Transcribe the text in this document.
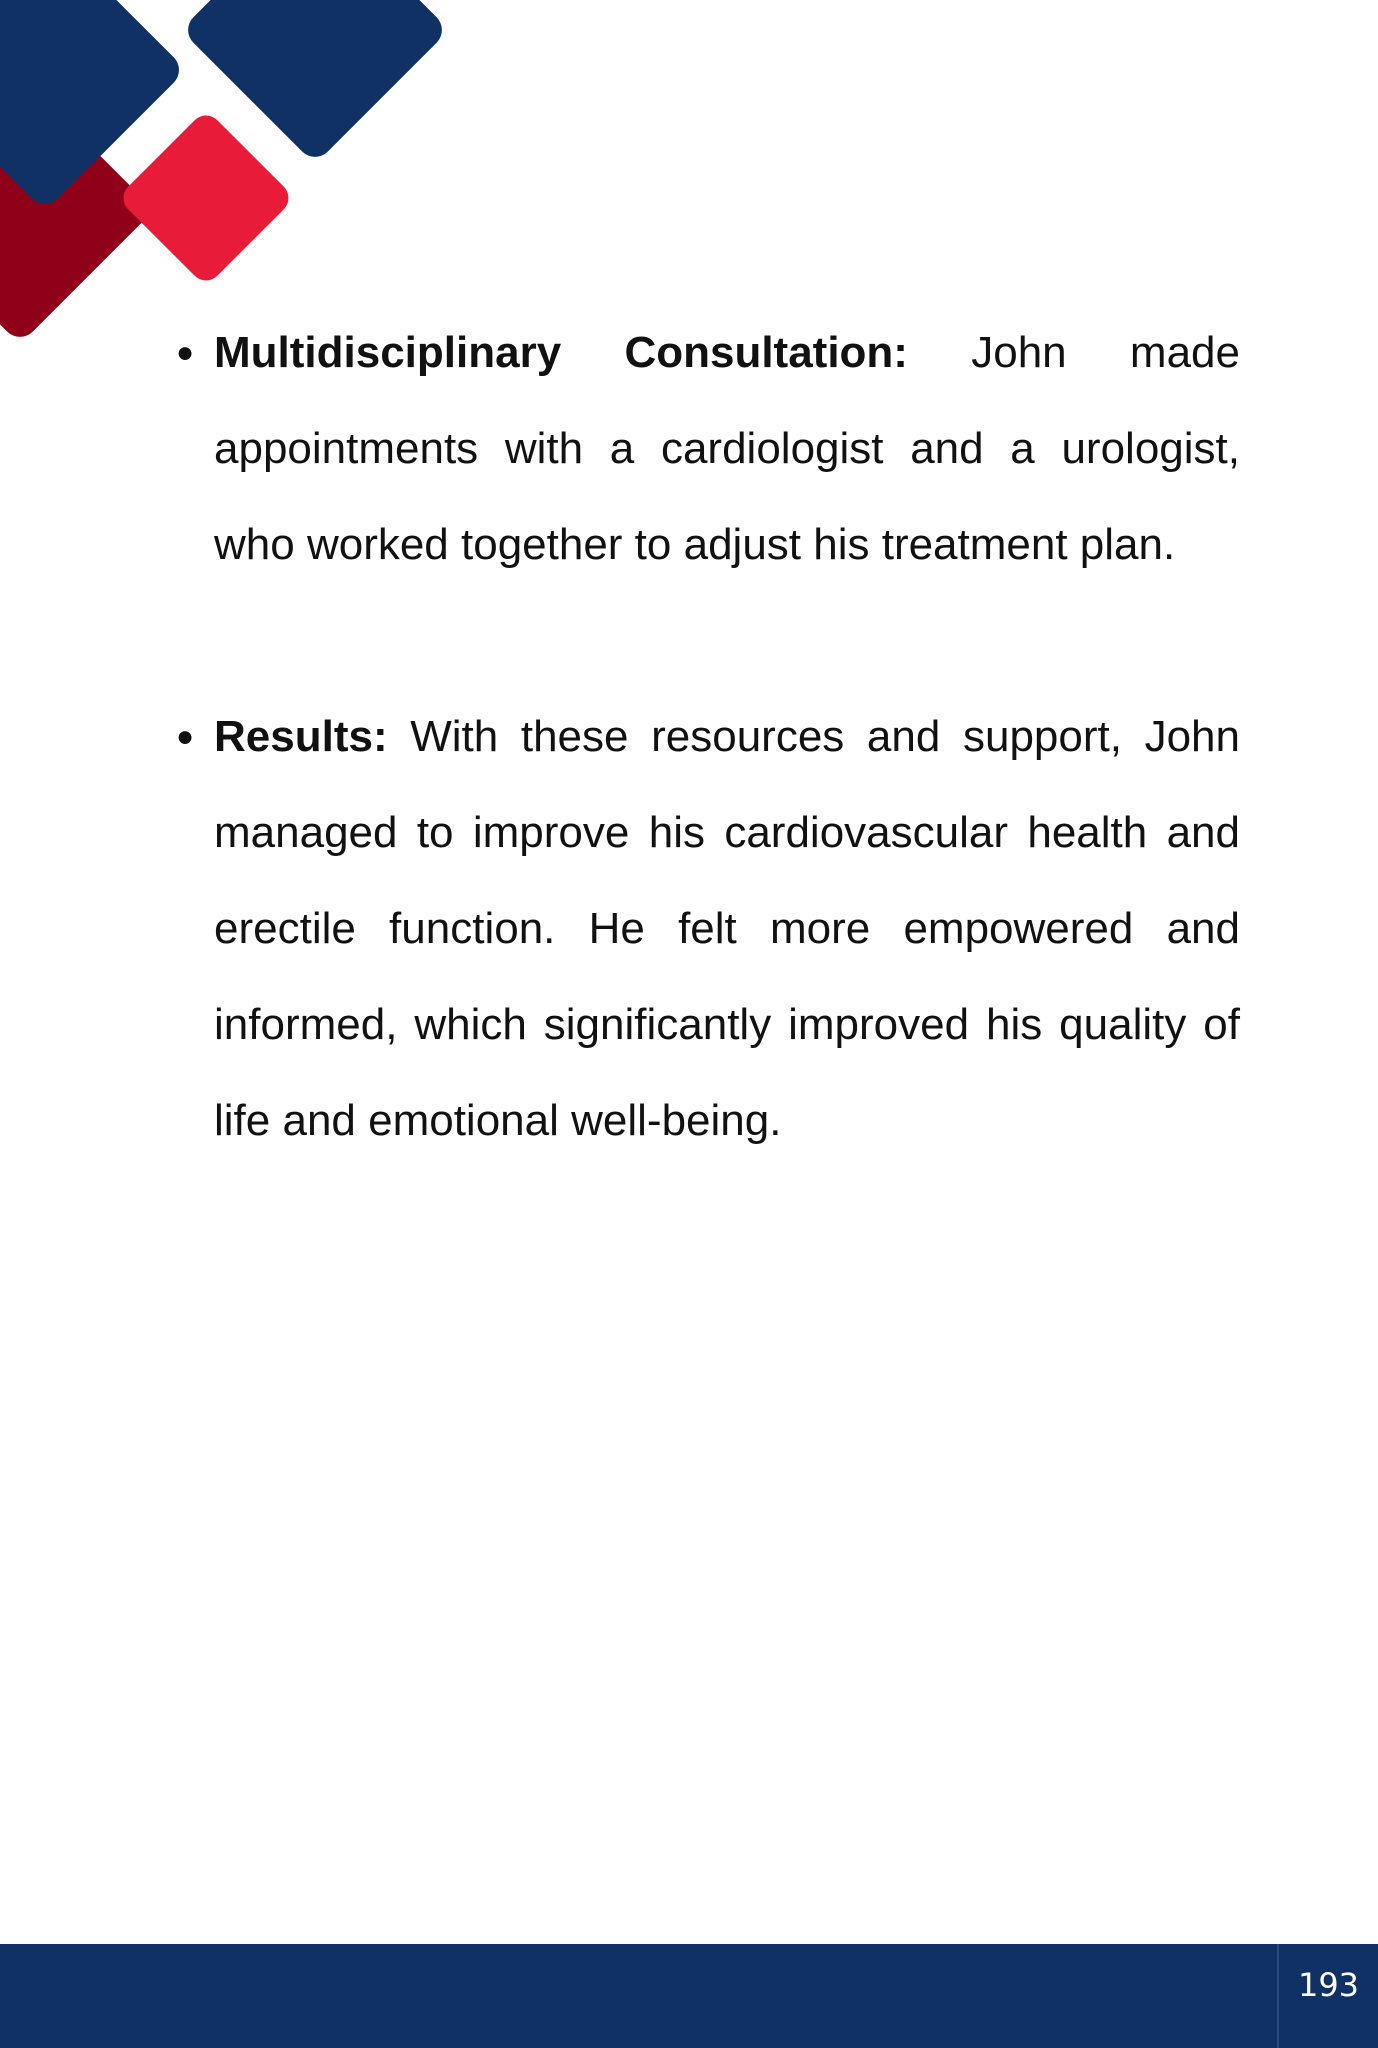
● Multidisciplinary Consultation: John made appointments with a cardiologist and a urologist, who worked together to adjust his treatment plan.

● Results: With these resources and support, John managed to improve his cardiovascular health and erectile function. He felt more empowered and informed, which significantly improved his quality of life and emotional well-being.

193
